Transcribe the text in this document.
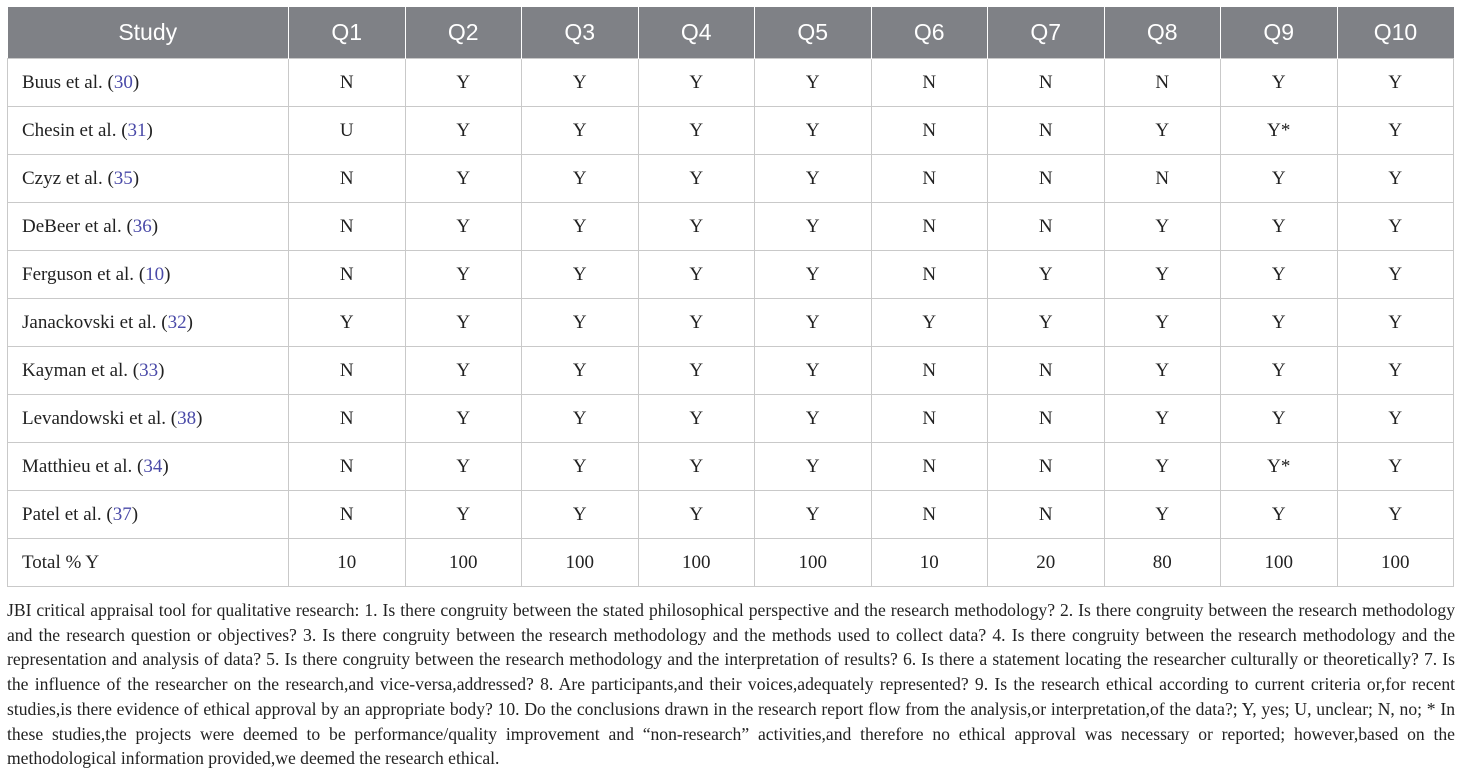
Study	Q1	Q2	Q3	Q4	Q5	Q6	Q7	Q8	Q9	Q10
Buus et al. (30)	N	Y	Y	Y	Y	N	N	N	Y	Y
Chesin et al. (31)	U	Y	Y	Y	Y	N	N	Y	Y*	Y
Czyz et al. (35)	N	Y	Y	Y	Y	N	N	N	Y	Y
DeBeer et al. (36)	N	Y	Y	Y	Y	N	N	Y	Y	Y
Ferguson et al. (10)	N	Y	Y	Y	Y	N	Y	Y	Y	Y
Janackovski et al. (32)	Y	Y	Y	Y	Y	Y	Y	Y	Y	Y
Kayman et al. (33)	N	Y	Y	Y	Y	N	N	Y	Y	Y
Levandowski et al. (38)	N	Y	Y	Y	Y	N	N	Y	Y	Y
Matthieu et al. (34)	N	Y	Y	Y	Y	N	N	Y	Y*	Y
Patel et al. (37)	N	Y	Y	Y	Y	N	N	Y	Y	Y
Total % Y	10	100	100	100	100	10	20	80	100	100
JBI critical appraisal tool for qualitative research: 1. Is there congruity between the stated philosophical perspective and the research methodology? 2. Is there congruity between the research methodology and the research question or objectives? 3. Is there congruity between the research methodology and the methods used to collect data? 4. Is there congruity between the research methodology and the representation and analysis of data? 5. Is there congruity between the research methodology and the interpretation of results? 6. Is there a statement locating the researcher culturally or theoretically? 7. Is the influence of the researcher on the research,and vice-versa,addressed? 8. Are participants,and their voices,adequately represented? 9. Is the research ethical according to current criteria or,for recent studies,is there evidence of ethical approval by an appropriate body? 10. Do the conclusions drawn in the research report flow from the analysis,or interpretation,of the data?; Y, yes; U, unclear; N, no; * In these studies,the projects were deemed to be performance/quality improvement and “non-research” activities,and therefore no ethical approval was necessary or reported; however,based on the methodological information provided,we deemed the research ethical.
